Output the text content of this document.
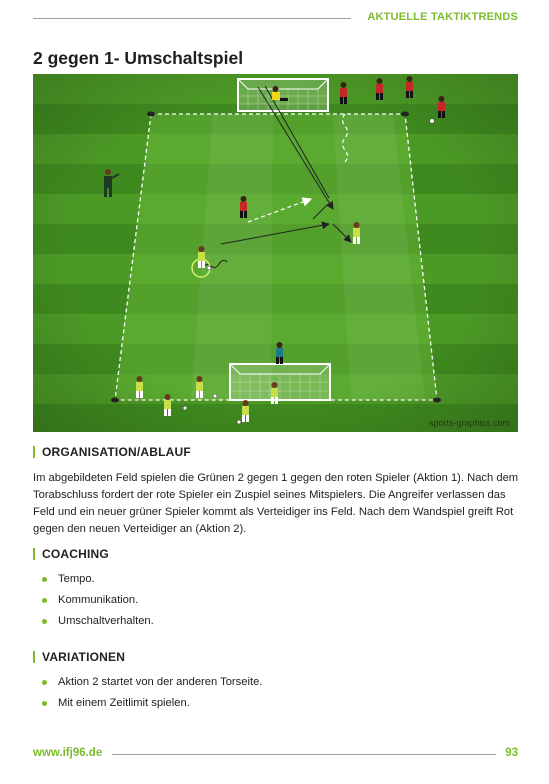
AKTUELLE TAKTIKTRENDS
2 gegen 1- Umschaltspiel
sports-graphics.com
ORGANISATION/ABLAUF
Im abgebildeten Feld spielen die Grünen 2 gegen 1 gegen den roten Spieler (Aktion 1). Nach dem Torabschluss fordert der rote Spieler ein Zuspiel seines Mitspielers. Die Angreifer verlassen das Feld und ein neuer grüner Spieler kommt als Verteidiger ins Feld. Nach dem Wandspiel greift Rot gegen den neuen Verteidiger an (Aktion 2).
COACHING
Tempo.
Kommunikation.
Umschaltverhalten.
VARIATIONEN
Aktion 2 startet von der anderen Torseite.
Mit einem Zeitlimit spielen.
www.ifj96.de	93
